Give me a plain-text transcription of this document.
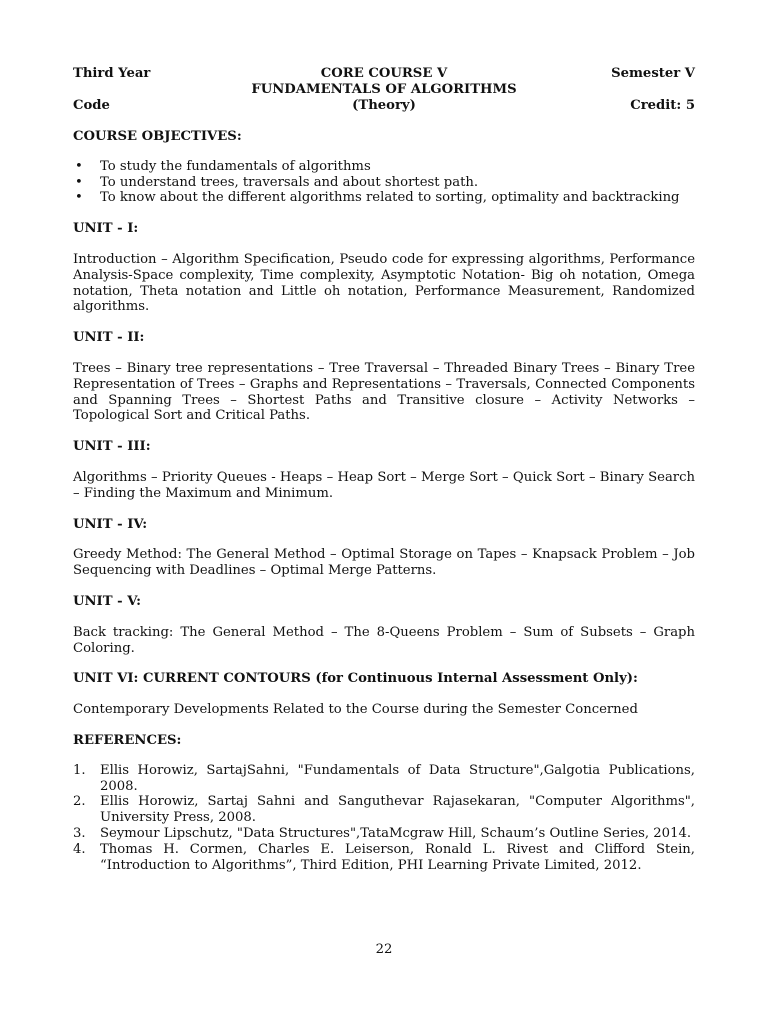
Third Year	CORE COURSE V	Semester V
FUNDAMENTALS OF ALGORITHMS
Code	(Theory)	Credit: 5
COURSE OBJECTIVES:
• To study the fundamentals of algorithms

• To understand trees, traversals and about shortest path.

• To know about the different algorithms related to sorting, optimality and backtracking

UNIT - I:

Introduction – Algorithm Specification, Pseudo code for expressing algorithms, Performance Analysis-Space complexity, Time complexity, Asymptotic Notation- Big oh notation, Omega notation, Theta notation and Little oh notation, Performance Measurement, Randomized algorithms.

UNIT - II:

Trees – Binary tree representations – Tree Traversal – Threaded Binary Trees – Binary Tree Representation of Trees – Graphs and Representations – Traversals, Connected Components and Spanning Trees – Shortest Paths and Transitive closure – Activity Networks – Topological Sort and Critical Paths.

UNIT - III:

Algorithms – Priority Queues - Heaps – Heap Sort – Merge Sort – Quick Sort – Binary Search – Finding the Maximum and Minimum.

UNIT - IV:

Greedy Method: The General Method – Optimal Storage on Tapes – Knapsack Problem – Job Sequencing with Deadlines – Optimal Merge Patterns.

UNIT - V:

Back tracking: The General Method – The 8-Queens Problem – Sum of Subsets – Graph Coloring.

UNIT VI: CURRENT CONTOURS (for Continuous Internal Assessment Only):

Contemporary Developments Related to the Course during the Semester Concerned

REFERENCES:
1. Ellis Horowiz, SartajSahni, "Fundamentals of Data Structure",Galgotia Publications, 2008.

2. Ellis Horowiz, Sartaj Sahni and Sanguthevar Rajasekaran, "Computer Algorithms", University Press, 2008.

3. Seymour Lipschutz, "Data Structures",TataMcgraw Hill, Schaum’s Outline Series, 2014.

4. Thomas H. Cormen, Charles E. Leiserson, Ronald L. Rivest and Clifford Stein, “Introduction to Algorithms”, Third Edition, PHI Learning Private Limited, 2012.

22
